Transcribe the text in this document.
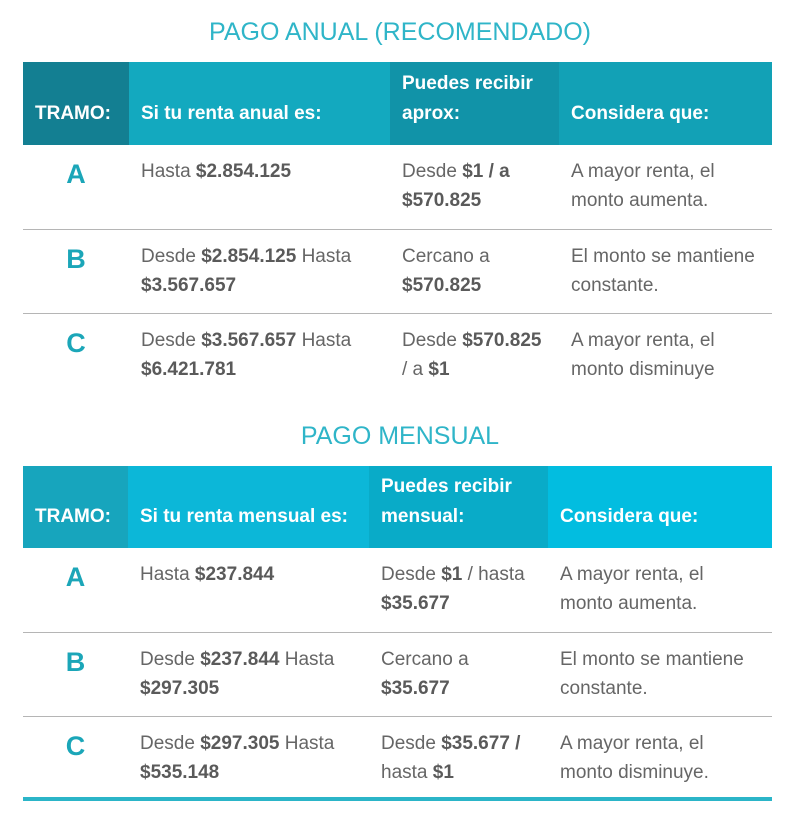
PAGO ANUAL (RECOMENDADO)
TRAMO:	Si tu renta anual es:	Puedes recibir aprox:	Considera que:
A	Hasta $2.854.125	Desde $1 / a $570.825	A mayor renta, el monto aumenta.
B	Desde $2.854.125 Hasta $3.567.657	Cercano a $570.825	El monto se mantiene constante.
C	Desde $3.567.657 Hasta $6.421.781	Desde $570.825 / a $1	A mayor renta, el monto disminuye
PAGO MENSUAL
TRAMO:	Si tu renta mensual es:	Puedes recibir mensual:	Considera que:
A	Hasta $237.844	Desde $1 / hasta $35.677	A mayor renta, el monto aumenta.
B	Desde $237.844 Hasta $297.305	Cercano a $35.677	El monto se mantiene constante.
C	Desde $297.305 Hasta $535.148	Desde $35.677 / hasta $1	A mayor renta, el monto disminuye.
